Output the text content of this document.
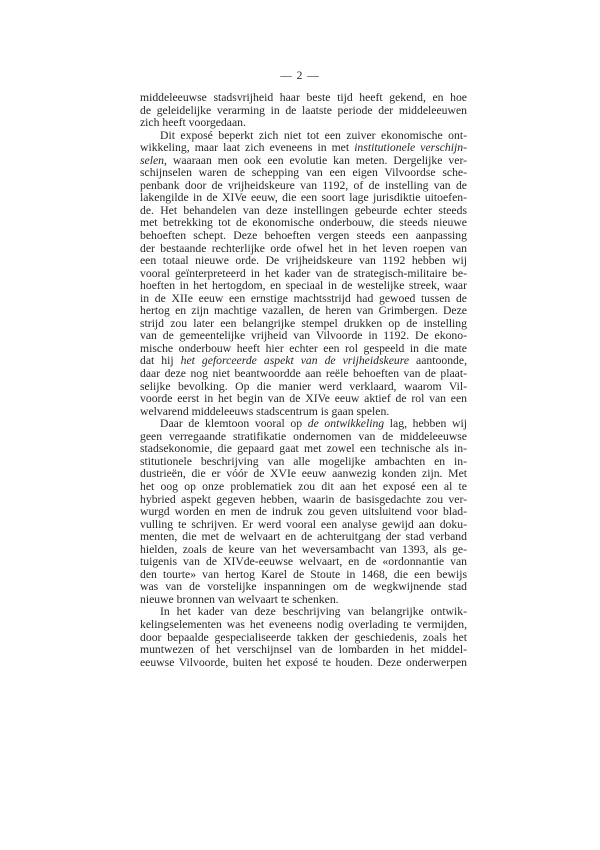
— 2 —

middeleeuwse stadsvrijheid haar beste tijd heeft gekend, en hoe
de geleidelijke verarming in de laatste periode der middeleeuwen
zich heeft voorgedaan.

Dit exposé beperkt zich niet tot een zuiver ekonomische ont-
wikkeling, maar laat zich eveneens in met institutionele verschijn-
selen, waaraan men ook een evolutie kan meten. Dergelijke ver-
schijnselen waren de schepping van een eigen Vilvoordse sche-
penbank door de vrijheidskeure van 1192, of de instelling van de
lakengilde in de XIVe eeuw, die een soort lage jurisdiktie uitoefen-
de. Het behandelen van deze instellingen gebeurde echter steeds
met betrekking tot de ekonomische onderbouw, die steeds nieuwe
behoeften schept. Deze behoeften vergen steeds een aanpassing
der bestaande rechterlijke orde ofwel het in het leven roepen van
een totaal nieuwe orde. De vrijheidskeure van 1192 hebben wij
vooral geïnterpreteerd in het kader van de strategisch-militaire be-
hoeften in het hertogdom, en speciaal in de westelijke streek, waar
in de XIIe eeuw een ernstige machtsstrijd had gewoed tussen de
hertog en zijn machtige vazallen, de heren van Grimbergen. Deze
strijd zou later een belangrijke stempel drukken op de instelling
van de gemeentelijke vrijheid van Vilvoorde in 1192. De ekono-
mische onderbouw heeft hier echter een rol gespeeld in die mate
dat hij het geforceerde aspekt van de vrijheidskeure aantoonde,
daar deze nog niet beantwoordde aan reële behoeften van de plaat-
selijke bevolking. Op die manier werd verklaard, waarom Vil-
voorde eerst in het begin van de XIVe eeuw aktief de rol van een
welvarend middeleeuws stadscentrum is gaan spelen.

Daar de klemtoon vooral op de ontwikkeling lag, hebben wij
geen verregaande stratifikatie ondernomen van de middeleeuwse
stadsekonomie, die gepaard gaat met zowel een technische als in-
stitutionele beschrijving van alle mogelijke ambachten en in-
dustrieën, die er vóór de XVIe eeuw aanwezig konden zijn. Met
het oog op onze problematiek zou dit aan het exposé een al te
hybried aspekt gegeven hebben, waarin de basisgedachte zou ver-
wurgd worden en men de indruk zou geven uitsluitend voor blad-
vulling te schrijven. Er werd vooral een analyse gewijd aan doku-
menten, die met de welvaart en de achteruitgang der stad verband
hielden, zoals de keure van het weversambacht van 1393, als ge-
tuigenis van de XIVde-eeuwse welvaart, en de «ordonnantie van
den tourte» van hertog Karel de Stoute in 1468, die een bewijs
was van de vorstelijke inspanningen om de wegkwijnende stad
nieuwe bronnen van welvaart te schenken.

In het kader van deze beschrijving van belangrijke ontwik-
kelingselementen was het eveneens nodig overlading te vermijden,
door bepaalde gespecialiseerde takken der geschiedenis, zoals het
muntwezen of het verschijnsel van de lombarden in het middel-
eeuwse Vilvoorde, buiten het exposé te houden. Deze onderwerpen
